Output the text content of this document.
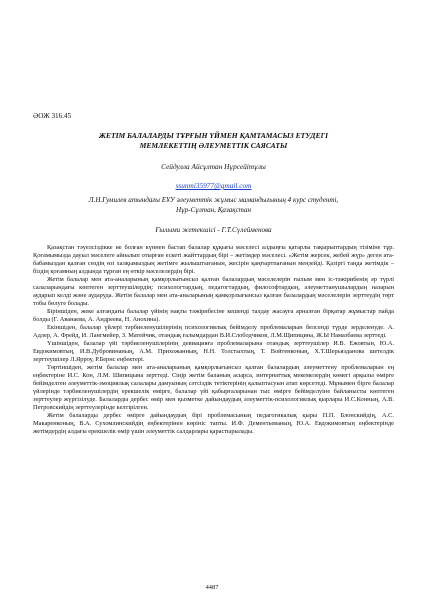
ӘОЖ 316.45
ЖЕТІМ БАЛАЛАРДЫ ТҰРҒЫН ҮЙМЕН ҚАМТАМАСЫЗ ЕТУДЕГІ
МЕМЛЕКЕТТІҢ ӘЛЕУМЕТТІК САЯСАТЫ
Сейдулла Айсұлтан Нұрсейітұлы
ssunmi35977@gmail.com
Л.Н.Гумилев атындағы ЕҰУ әлеуметтік жұмыс мамандығының 4 курс студенті,
Нұр-Сұлтан, Қазақстан
Ғылыми жетекшісі - Г.Т.Сүлейменова

Қазақстан тәуелсіздікке не болған күннен бастап балалар құқығы мәселесі алдыңғы қатарлы тақырыптардың тізіміне тұр. Қоғамымызда дауыл мәселеге айналып отырған ескеті жайттардың бірі – жетімдер мәселесі. «Жетім жерсек, жебей жүр» деген ата-бабамыздан қалған сөздің өзі халқымыздың жетімге жылыштығанын, жесірін қаңғыртпағанын меңзейді. Қазіргі таңда жетімдік – біздің қоғамның алдында тұрған ең өткір мәселелердің бірі.

Жетім балалар мен ата-аналарының қамқорлығынсыз қалған балалардың мәселелерін ғылым мен іс-тәжірибенің әр түрлі салаларындағы көптеген зерттеушілердің: психологтардың, педагогтардың, философтардың, әлеуметтанушылардың назарын аударып келді және аударуда. Жетім балалар мен ата-аналарының қамқорлығынсыз қалған балалардың мәселелерін зерттеудің төрт тобы бөлуге болады.

Біріншіден, жеке алғандағы балалар үйінің нақты тәжірибесіне кешенді талдау жасауға арналған бірқатар жұмыстар пайда болды (Г. Аванаева, А. Андреева, Н. Анохина).

Екіншіден, балалар үйлері тәрбиеленушілерінің психологиялық бейімделу проблемаларын белсенді түрде зерделенуде. А. Адлер, А. Фрейд, И. Лангмейер, З. Матейчик, отандық ғалымдардан В.И.Слободчиков, Л.М.Щипицина, Ж.Ы Намазбаева зерттеді.

Үшіншіден, балалар үйі тәрбиеленушілерінің девиацияға проблемаларына отандық зерттеушілер И.В. Ежовтын, Ю.А. Евдокимовтың, И.В.Дубровинаның, А.М. Прихожанның, Н.Н. Толстыхтың, Т. Войтенконың, Х.Т.Шерьязданова шетелдік зерттеушілер Л.Ярроу, Р.Бернс еңбектері.

Төртіншіден, жетім балалар мен ата-аналарының қамқорлығынсыз қалған балалардың әлеуметтену проблемаларын ең еңбектеріне И.С. Кон, Л.М. Шипицына зерттеді. Сіңір жетім баланың асырса, интернаттық мекемелердің көмегі арқылы өмірге бейімделген әлеуметтік-эмоциялық салалары дамуының сәтсіздік тетіктерінің қалыптасуын атап көрсетеді. Мұнымен бірге балалар үйлерінде тәрбиеленушілердің ерекшелік өмірге, балалар үйі қабырғаларынан тыс өмірге бейімделуіне байланысты көптеген зерттеулер жүргізілуде. Балаларды дербес өмір мен қызметке дайындаудың әлеуметтік-психологиялық қырлары И.С.Конның, А.В. Петровскийдің зерттеулерінде келтірілген.

Жетім балаларды дербес өмірге дайындаудың бірі проблемасының педагогикалық қыры П.П. Блонскийдің, А.С. Макаренконың, В.А. Сухомлинскийдің еңбектерінен көрініс тапты. И.Ф. Дементьеваның, Ю.А. Евдокимовтың еңбектерінде жетімдердің алдағы ерекшелік өмір үшін әлеуметтік салдарлары қарастырылады.

4487
